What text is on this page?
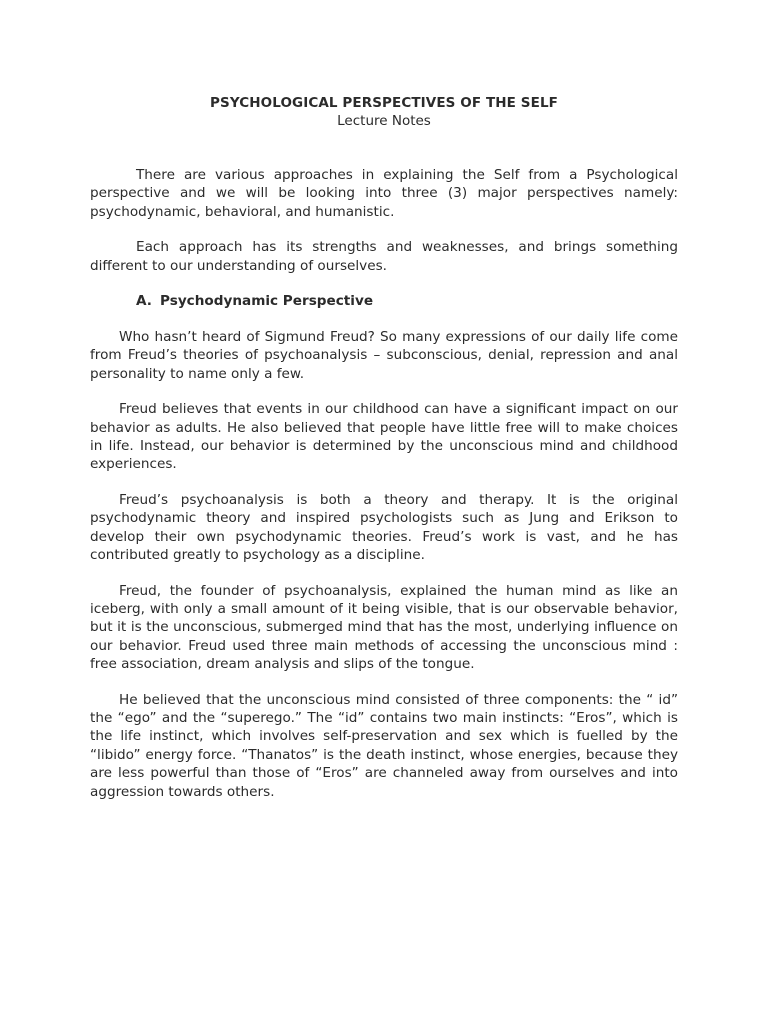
PSYCHOLOGICAL PERSPECTIVES OF THE SELF

Lecture Notes

There are various approaches in explaining the Self from a Psychological perspective and we will be looking into three (3) major perspectives namely: psychodynamic, behavioral, and humanistic.

Each approach has its strengths and weaknesses, and brings something different to our understanding of ourselves.

A. Psychodynamic Perspective

Who hasn’t heard of Sigmund Freud? So many expressions of our daily life come from Freud’s theories of psychoanalysis – subconscious, denial, repression and anal personality to name only a few.

Freud believes that events in our childhood can have a significant impact on our behavior as adults. He also believed that people have little free will to make choices in life. Instead, our behavior is determined by the unconscious mind and childhood experiences.

Freud’s psychoanalysis is both a theory and therapy. It is the original psychodynamic theory and inspired psychologists such as Jung and Erikson to develop their own psychodynamic theories. Freud’s work is vast, and he has contributed greatly to psychology as a discipline.

Freud, the founder of psychoanalysis, explained the human mind as like an iceberg, with only a small amount of it being visible, that is our observable behavior, but it is the unconscious, submerged mind that has the most, underlying influence on our behavior. Freud used three main methods of accessing the unconscious mind : free association, dream analysis and slips of the tongue.

He believed that the unconscious mind consisted of three components: the “ id” the “ego” and the “superego.” The “id” contains two main instincts: “Eros”, which is the life instinct, which involves self-preservation and sex which is fuelled by the “libido” energy force. “Thanatos” is the death instinct, whose energies, because they are less powerful than those of “Eros” are channeled away from ourselves and into aggression towards others.
